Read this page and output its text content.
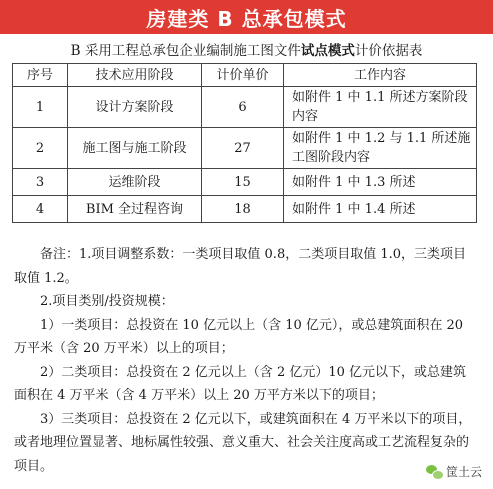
房建类 B 总承包模式
B 采用工程总承包企业编制施工图文件试点模式计价依据表
序号	技术应用阶段	计价单价	工作内容
1	设计方案阶段	6	如附件 1 中 1.1 所述方案阶段内容
2	施工图与施工阶段	27	如附件 1 中 1.2 与 1.1 所述施工图阶段内容
3	运维阶段	15	如附件 1 中 1.3 所述
4	BIM 全过程咨询	18	如附件 1 中 1.4 所述

备注：1.项目调整系数：一类项目取值 0.8，二类项目取值 1.0，三类项目取值 1.2。

2.项目类别/投资规模：

1）一类项目：总投资在 10 亿元以上（含 10 亿元），或总建筑面积在 20 万平米（含 20 万平米）以上的项目；

2）二类项目：总投资在 2 亿元以上（含 2 亿元）10 亿元以下，或总建筑面积在 4 万平米（含 4 万平米）以上 20 万平方米以下的项目；

3）三类项目：总投资在 2 亿元以下，或建筑面积在 4 万平米以下的项目，或者地理位置显著、地标属性较强、意义重大、社会关注度高或工艺流程复杂的项目。	筐土云
